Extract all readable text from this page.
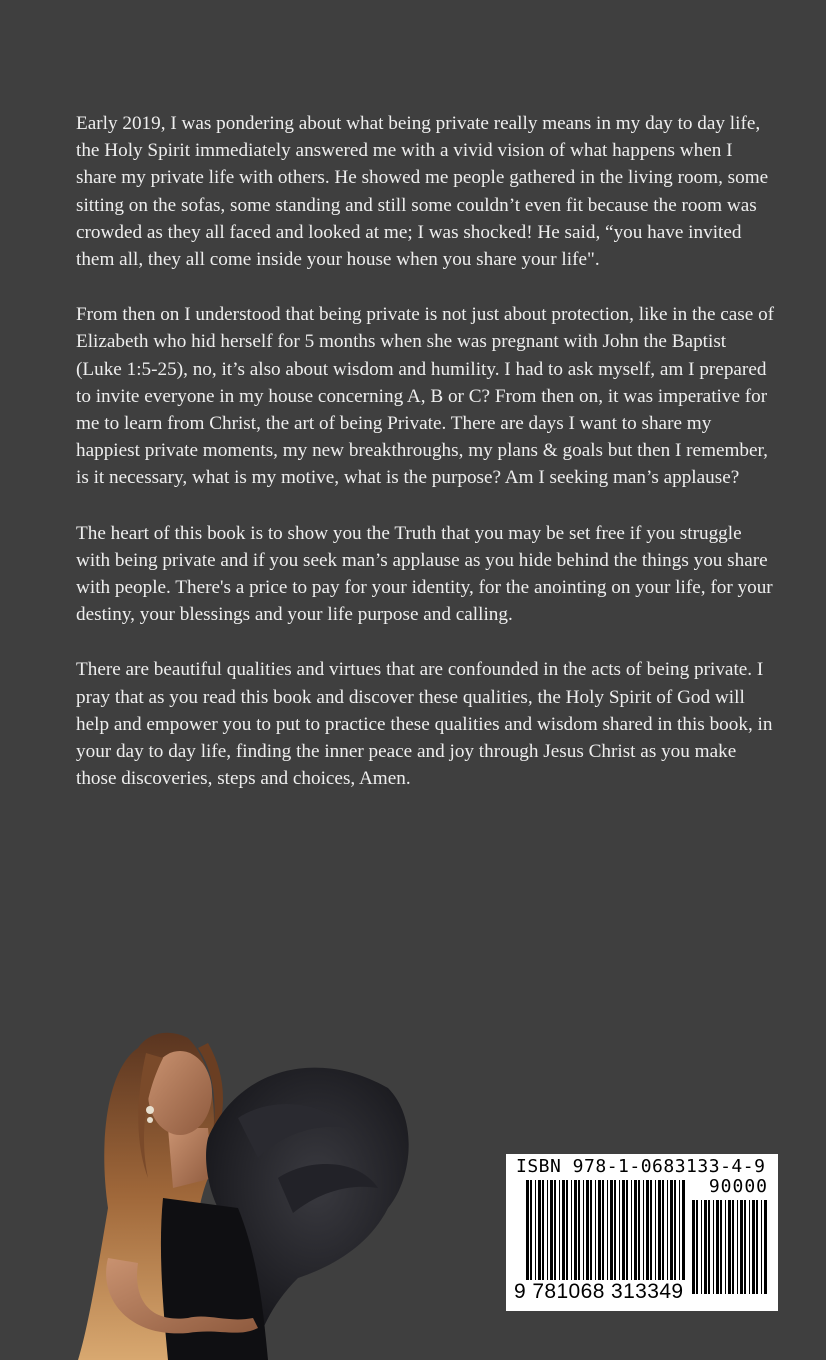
Early 2019, I was pondering about what being private really means in my day to day life, the Holy Spirit immediately answered me with a vivid vision of what happens when I share my private life with others. He showed me people gathered in the living room, some sitting on the sofas, some standing and still some couldn’t even fit because the room was crowded as they all faced and looked at me; I was shocked! He said, “you have invited them all, they all come inside your house when you share your life".

From then on I understood that being private is not just about protection, like in the case of Elizabeth who hid herself for 5 months when she was pregnant with John the Baptist (Luke 1:5-25), no, it’s also about wisdom and humility. I had to ask myself, am I prepared to invite everyone in my house concerning A, B or C? From then on, it was imperative for me to learn from Christ, the art of being Private. There are days I want to share my happiest private moments, my new breakthroughs, my plans & goals but then I remember, is it necessary, what is my motive, what is the purpose? Am I seeking man’s applause?

The heart of this book is to show you the Truth that you may be set free if you struggle with being private and if you seek man’s applause as you hide behind the things you share with people. There's a price to pay for your identity, for the anointing on your life, for your destiny, your blessings and your life purpose and calling.

There are beautiful qualities and virtues that are confounded in the acts of being private. I pray that as you read this book and discover these qualities, the Holy Spirit of God will help and empower you to put to practice these qualities and wisdom shared in this book, in your day to day life, finding the inner peace and joy through Jesus Christ as you make those discoveries, steps and choices, Amen.

ISBN 978-1-0683133-4-9
90000
9 781068 313349
